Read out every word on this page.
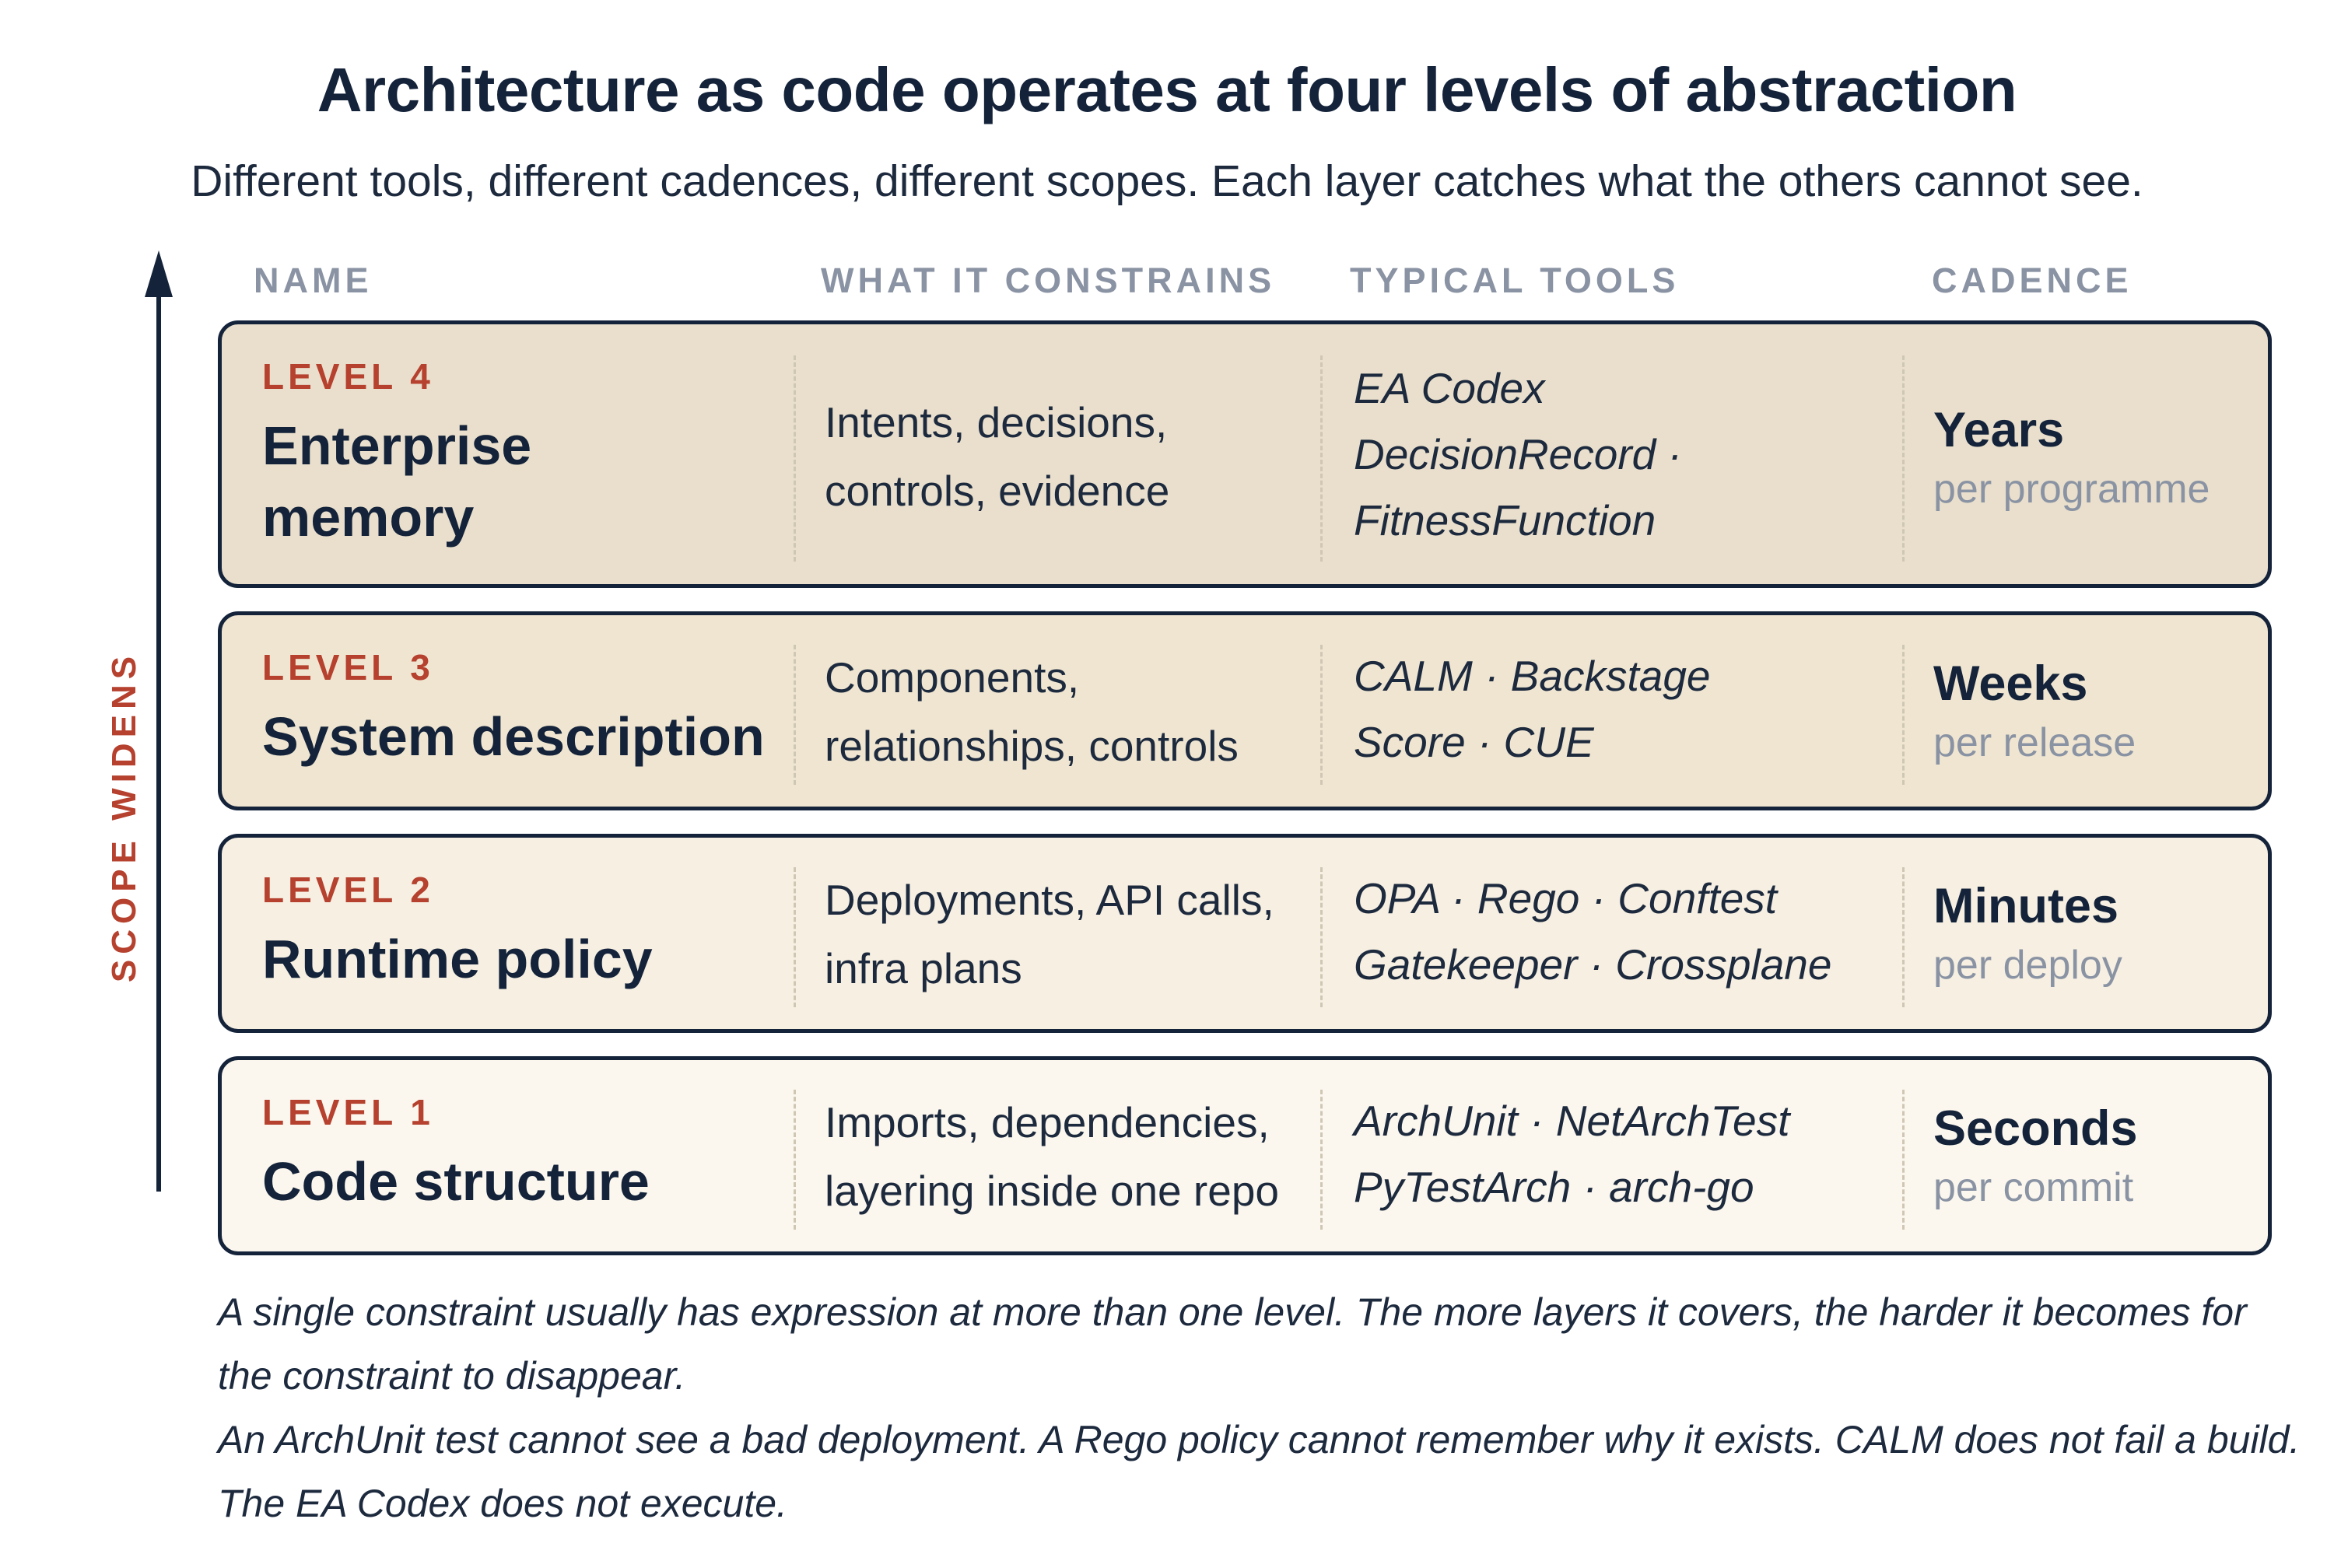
Architecture as code operates at four levels of abstraction
Different tools, different cadences, different scopes. Each layer catches what the others cannot see.
NAME	WHAT IT CONSTRAINS TYPICAL TOOLS	CADENCE
SCOPE WIDENS
LEVEL 4
Enterprise
memory
Intents, decisions,
controls, evidence
EA Codex
DecisionRecord ·
FitnessFunction
Years
per programme
LEVEL 3
System description
Components,
relationships, controls
CALM · Backstage
Score · CUE
Weeks
per release
LEVEL 2
Runtime policy
Deployments, API calls,
infra plans
OPA · Rego · Conftest
Gatekeeper · Crossplane
Minutes
per deploy
LEVEL 1
Code structure
Imports, dependencies,
layering inside one repo
ArchUnit · NetArchTest
PyTestArch · arch-go
Seconds
per commit
A single constraint usually has expression at more than one level. The more layers it covers, the harder it becomes for the constraint to disappear.
An ArchUnit test cannot see a bad deployment. A Rego policy cannot remember why it exists. CALM does not fail a build. The EA Codex does not execute.
